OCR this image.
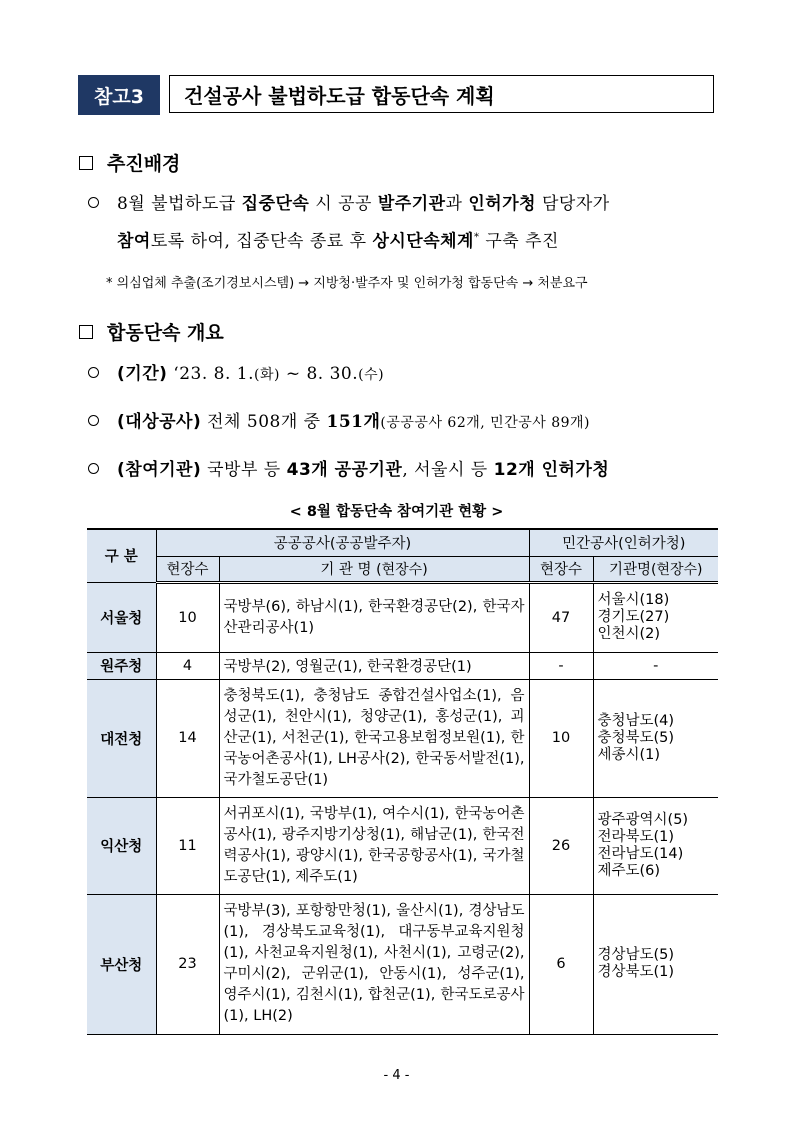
참고3	건설공사 불법하도급 합동단속 계획
추진배경
8월 불법하도급 집중단속 시 공공 발주기관과 인허가청 담당자가
참여토록 하여, 집중단속 종료 후 상시단속체계* 구축 추진
* 의심업체 추출(조기경보시스템) → 지방청·발주자 및 인허가청 합동단속 → 처분요구
합동단속 개요
(기간) ‘23. 8. 1.(화) ~ 8. 30.(수)
(대상공사) 전체 508개 중 151개(공공공사 62개, 민간공사 89개)
(참여기관) 국방부 등 43개 공공기관, 서울시 등 12개 인허가청
< 8월 합동단속 참여기관 현황 >
구 분	공공공사(공공발주자)		민간공사(인허가청)	
	현장수	기 관 명 (현장수)	현장수	기관명(현장수)
서울청	10	국방부(6), 하남시(1), 한국환경공단(2), 한국자산관리공사(1)	47	서울시(18)
경기도(27)
인천시(2)

원주청	4	국방부(2), 영월군(1), 한국환경공단(1)	-	-
대전청	14	충청북도(1), 충청남도 종합건설사업소(1), 음성군(1), 천안시(1), 청양군(1), 홍성군(1), 괴산군(1), 서천군(1), 한국고용보험정보원(1), 한국농어촌공사(1), LH공사(2), 한국동서발전(1), 국가철도공단(1)	10	충청남도(4)
충청북도(5)
세종시(1)

익산청	11	서귀포시(1), 국방부(1), 여수시(1), 한국농어촌공사(1), 광주지방기상청(1), 해남군(1), 한국전력공사(1), 광양시(1), 한국공항공사(1), 국가철도공단(1), 제주도(1)	26	광주광역시(5)
전라북도(1)
전라남도(14)
제주도(6)

부산청	23	국방부(3), 포항항만청(1), 울산시(1), 경상남도(1), 경상북도교육청(1), 대구동부교육지원청(1), 사천교육지원청(1), 사천시(1), 고령군(2), 구미시(2), 군위군(1), 안동시(1), 성주군(1), 영주시(1), 김천시(1), 합천군(1), 한국도로공사(1), LH(2)	6	경상남도(5)
경상북도(1)
- 4 -
